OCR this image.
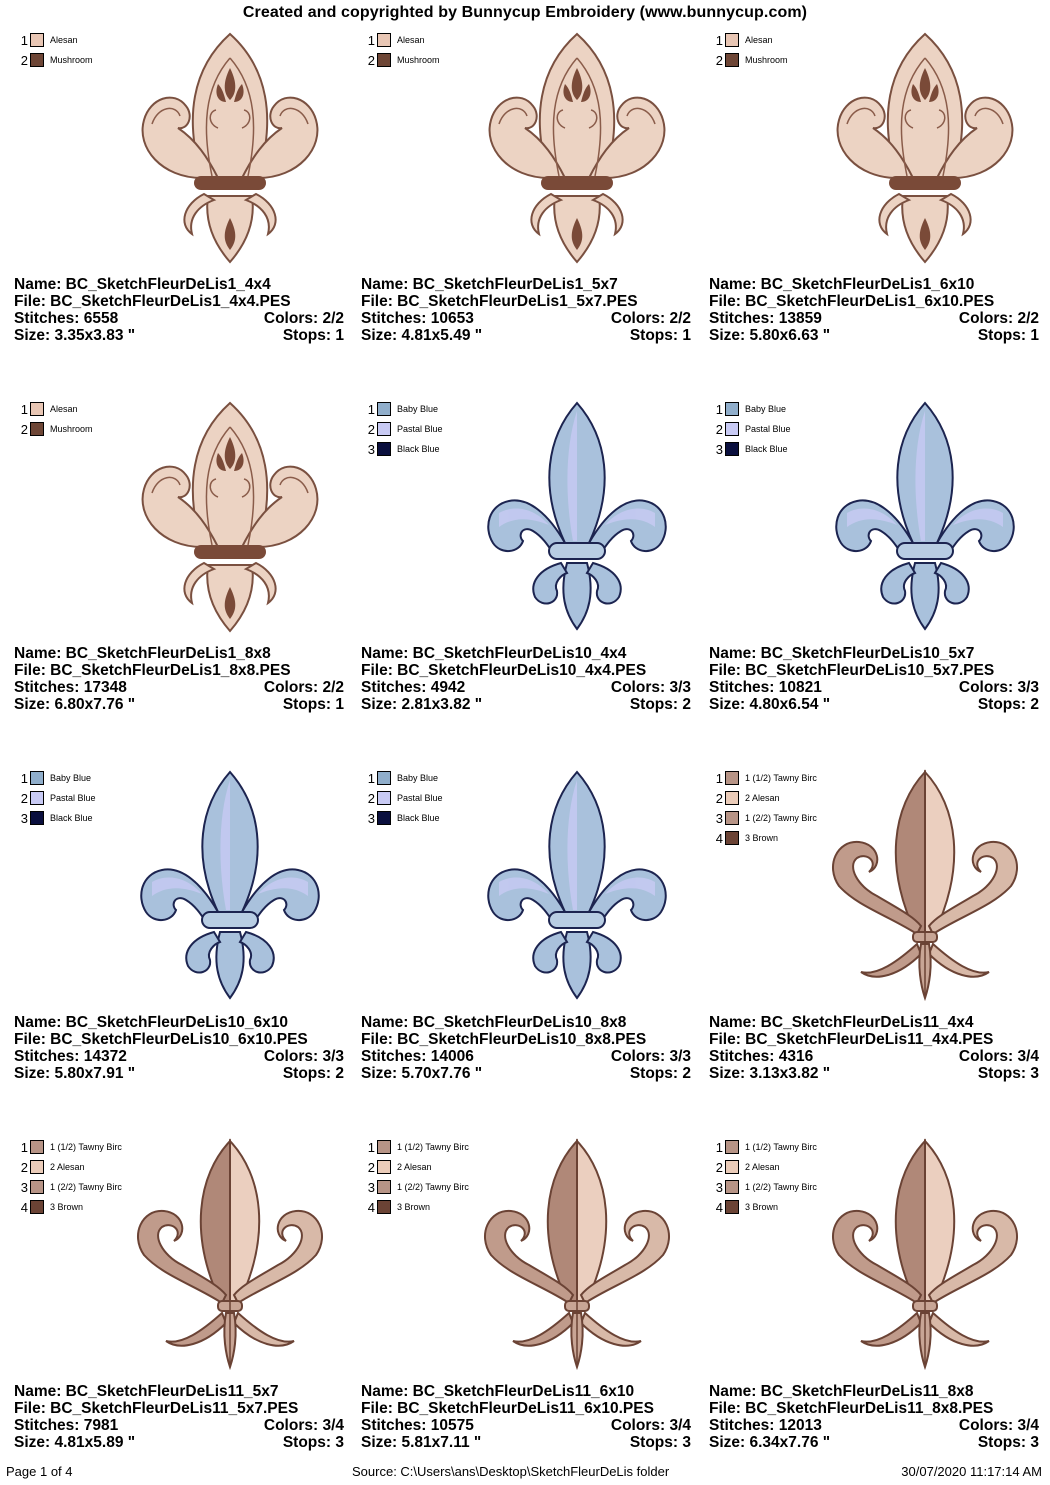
Created and copyrighted by Bunnycup Embroidery (www.bunnycup.com)
1 Alesan
2 Mushroom
Name: BC_SketchFleurDeLis1_4x4
File: BC_SketchFleurDeLis1_4x4.PES
Stitches: 6558	Colors: 2/2
Size: 3.35x3.83 "	Stops: 1
1 Alesan
2 Mushroom
Name: BC_SketchFleurDeLis1_5x7
File: BC_SketchFleurDeLis1_5x7.PES
Stitches: 10653	Colors: 2/2
Size: 4.81x5.49 "	Stops: 1
1 Alesan
2 Mushroom
Name: BC_SketchFleurDeLis1_6x10
File: BC_SketchFleurDeLis1_6x10.PES
Stitches: 13859	Colors: 2/2
Size: 5.80x6.63 "	Stops: 1
1 Alesan
2 Mushroom
Name: BC_SketchFleurDeLis1_8x8
File: BC_SketchFleurDeLis1_8x8.PES
Stitches: 17348	Colors: 2/2
Size: 6.80x7.76 "	Stops: 1
1 Baby Blue
2 Pastal Blue
3 Black Blue
Name: BC_SketchFleurDeLis10_4x4
File: BC_SketchFleurDeLis10_4x4.PES
Stitches: 4942	Colors: 3/3
Size: 2.81x3.82 "	Stops: 2
1 Baby Blue
2 Pastal Blue
3 Black Blue
Name: BC_SketchFleurDeLis10_5x7
File: BC_SketchFleurDeLis10_5x7.PES
Stitches: 10821	Colors: 3/3
Size: 4.80x6.54 "	Stops: 2
1 Baby Blue
2 Pastal Blue
3 Black Blue
Name: BC_SketchFleurDeLis10_6x10
File: BC_SketchFleurDeLis10_6x10.PES
Stitches: 14372	Colors: 3/3
Size: 5.80x7.91 "	Stops: 2
1 Baby Blue
2 Pastal Blue
3 Black Blue
Name: BC_SketchFleurDeLis10_8x8
File: BC_SketchFleurDeLis10_8x8.PES
Stitches: 14006	Colors: 3/3
Size: 5.70x7.76 "	Stops: 2
1 1 (1/2) Tawny Birc
2 2 Alesan
3 1 (2/2) Tawny Birc
4 3 Brown
Name: BC_SketchFleurDeLis11_4x4
File: BC_SketchFleurDeLis11_4x4.PES
Stitches: 4316	Colors: 3/4
Size: 3.13x3.82 "	Stops: 3
1 1 (1/2) Tawny Birc
2 2 Alesan
3 1 (2/2) Tawny Birc
4 3 Brown
Name: BC_SketchFleurDeLis11_5x7
File: BC_SketchFleurDeLis11_5x7.PES
Stitches: 7981	Colors: 3/4
Size: 4.81x5.89 "	Stops: 3
1 1 (1/2) Tawny Birc
2 2 Alesan
3 1 (2/2) Tawny Birc
4 3 Brown
Name: BC_SketchFleurDeLis11_6x10
File: BC_SketchFleurDeLis11_6x10.PES
Stitches: 10575	Colors: 3/4
Size: 5.81x7.11 "	Stops: 3
1 1 (1/2) Tawny Birc
2 2 Alesan
3 1 (2/2) Tawny Birc
4 3 Brown
Name: BC_SketchFleurDeLis11_8x8
File: BC_SketchFleurDeLis11_8x8.PES
Stitches: 12013	Colors: 3/4
Size: 6.34x7.76 "	Stops: 3
Page 1 of 4	Source: C:\Users\ans\Desktop\SketchFleurDeLis folder	30/07/2020 11:17:14 AM
